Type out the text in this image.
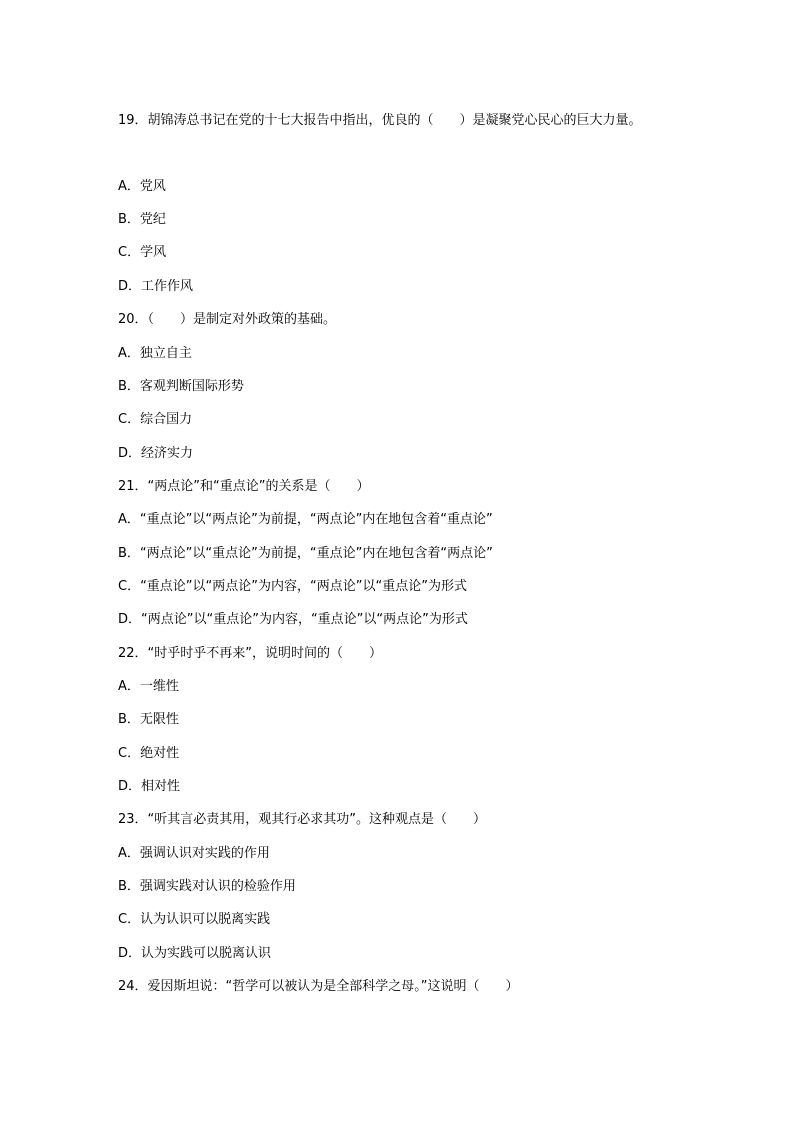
19．胡锦涛总书记在党的十七大报告中指出，优良的（　　）是凝聚党心民心的巨大力量。
A．党风
B．党纪
C．学风
D．工作作风
20．（　　）是制定对外政策的基础。
A．独立自主
B．客观判断国际形势
C．综合国力
D．经济实力
21．“两点论”和“重点论”的关系是（　　）
A．“重点论”以“两点论”为前提，“两点论”内在地包含着“重点论”
B．“两点论”以“重点论”为前提，“重点论”内在地包含着“两点论”
C．“重点论”以“两点论”为内容，“两点论”以“重点论”为形式
D．“两点论”以“重点论”为内容，“重点论”以“两点论”为形式
22．“时乎时乎不再来”，说明时间的（　　）
A．一维性
B．无限性
C．绝对性
D．相对性
23．“听其言必责其用，观其行必求其功”。这种观点是（　　）
A．强调认识对实践的作用
B．强调实践对认识的检验作用
C．认为认识可以脱离实践
D．认为实践可以脱离认识
24．爱因斯坦说：“哲学可以被认为是全部科学之母。”这说明（　　）
